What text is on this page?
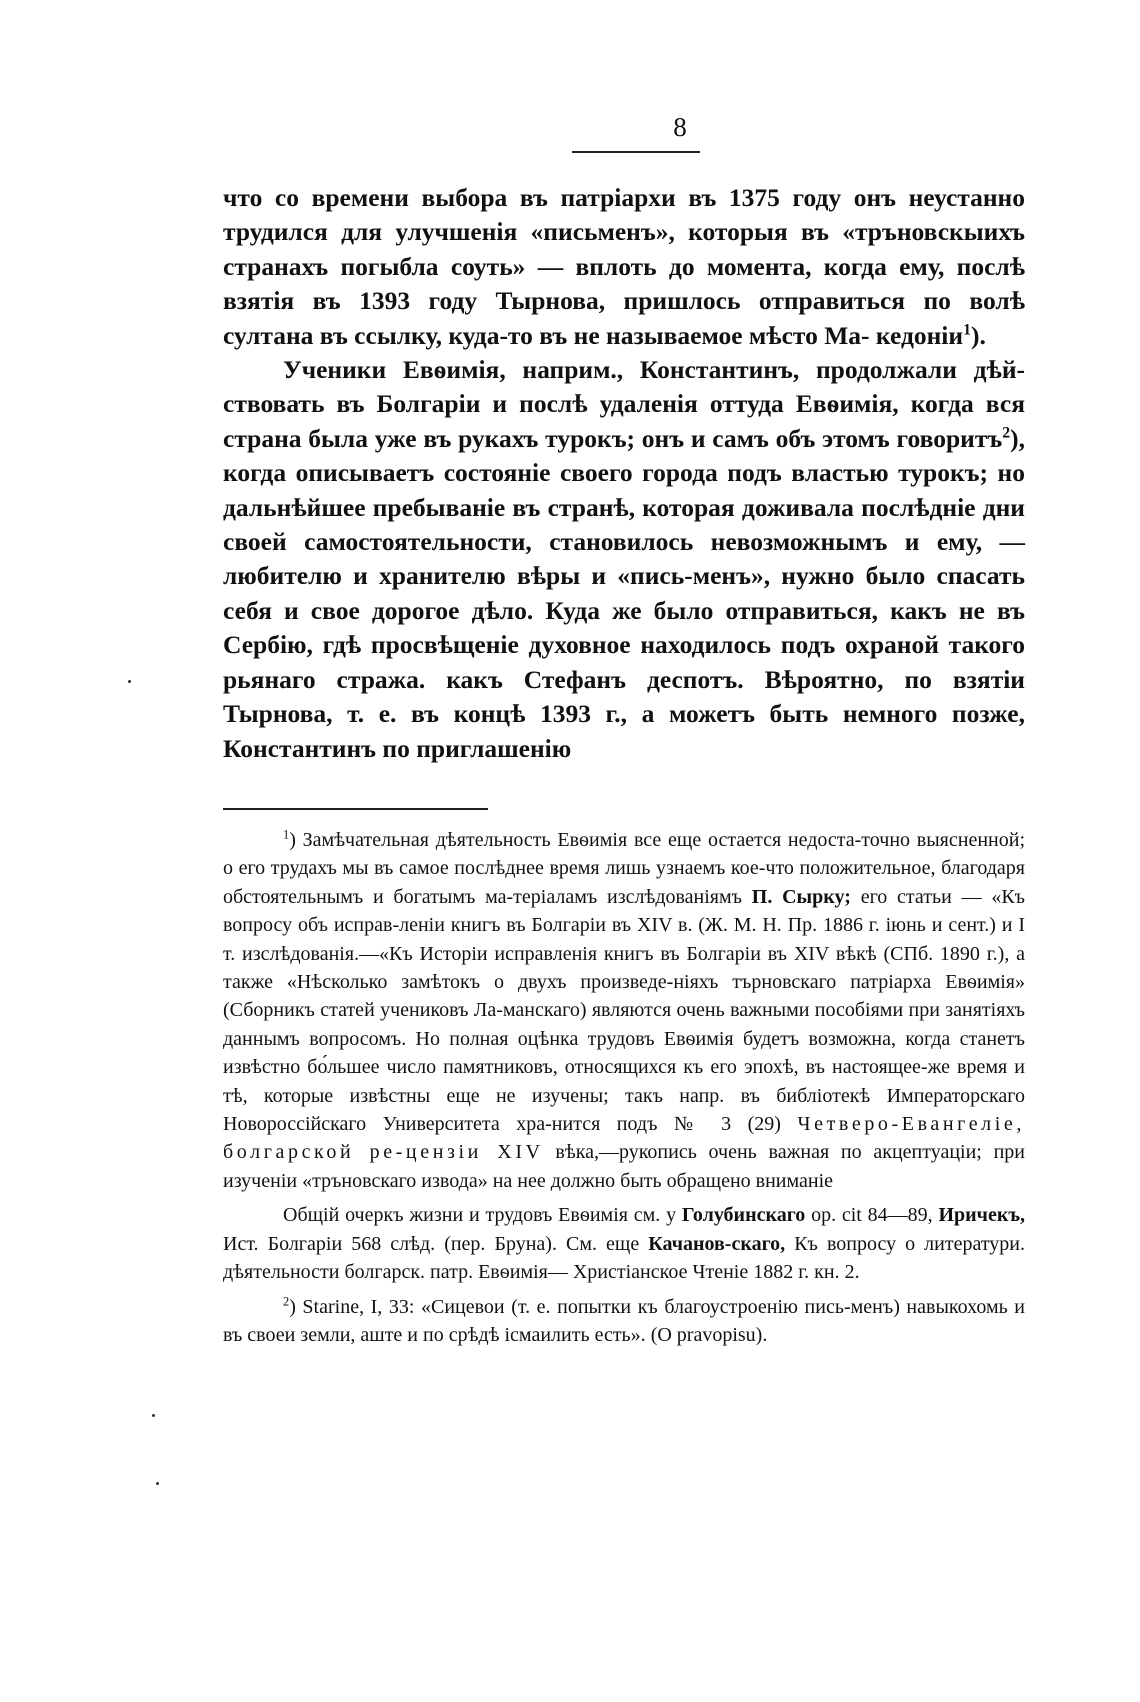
8

что со времени выбора въ патріархи въ 1375 году онъ неустанно трудился для улучшенія «письменъ», которыя въ «тръновскыихъ странахъ погыбла соуть» — вплоть до момента, когда ему, послѣ взятія въ 1393 году Тырнова, пришлось отправиться по волѣ султана въ ссылку, куда-то въ не называемое мѣсто Ма- кедоніи$^1$).

Ученики Евѳимія, наприм., Константинъ, продолжали дѣй-ствовать въ Болгаріи и послѣ удаленія оттуда Евѳимія, когда вся страна была уже въ рукахъ турокъ; онъ и самъ объ этомъ говоритъ$^2$), когда описываетъ состояніе своего города подъ властью турокъ; но дальнѣйшее пребываніе въ странѣ, которая доживала послѣдніе дни своей самостоятельности, становилось невозможнымъ и ему, — любителю и хранителю вѣры и «пись-менъ», нужно было спасать себя и свое дорогое дѣло. Куда же было отправиться, какъ не въ Сербію, гдѣ просвѣщеніе духовное находилось подъ охраной такого рьянаго стража. какъ Стефанъ деспотъ. Вѣроятно, по взятіи Тырнова, т. е. въ концѣ 1393 г., а можетъ быть немного позже, Константинъ по приглашенію

$^1$) Замѣчательная дѣятельность Евѳимія все еще остается недоста-точно выясненной; о его трудахъ мы въ самое послѣднее время лишь узнаемъ кое-что положительное, благодаря обстоятельнымъ и богатымъ ма-теріаламъ изслѣдованіямъ П. Сырку; его статьи — «Къ вопросу объ исправ-леніи книгъ въ Болгаріи въ XIV в. (Ж. М. Н. Пр. 1886 г. іюнь и сент.) и I т. изслѣдованія.—«Къ Исторіи исправленія книгъ въ Болгаріи въ XIV вѣкѣ (СПб. 1890 г.), а также «Нѣсколько замѣтокъ о двухъ произведе-ніяхъ търновскаго патріарха Евѳимія» (Сборникъ статей учениковъ Ла-манскаго) являются очень важными пособіями при занятіяхъ даннымъ вопросомъ. Но полная оцѣнка трудовъ Евѳимія будетъ возможна, когда станетъ извѣстно бо́льшее число памятниковъ, относящихся къ его эпохѣ, въ настоящее-же время и тѣ, которые извѣстны еще не изучены; такъ напр. въ библіотекѣ Императорскаго Новороссійскаго Университета хра-нится подъ № 3 (29) Четверо-Евангеліе, болгарской ре-цензіи XIV вѣка,—рукопись очень важная по акцептуаціи; при изученіи «тръновскаго извода» на нее должно быть обращено вниманіе

Общій очеркъ жизни и трудовъ Евѳимія см. у Голубинскаго op. cit 84—89, Иричекъ, Ист. Болгаріи 568 слѣд. (пер. Бруна). См. еще Качанов-скаго, Къ вопросу о литератури. дѣятельности болгарск. патр. Евѳимія— Христіанское Чтеніе 1882 г. кн. 2.

$^2$) Starine, I, 33: «Сицевои (т. е. попытки къ благоустроенію пись-менъ) навыкохомь и въ своеи земли, аште и по срѣдѣ ісмаилить есть». (O pravopisu).
